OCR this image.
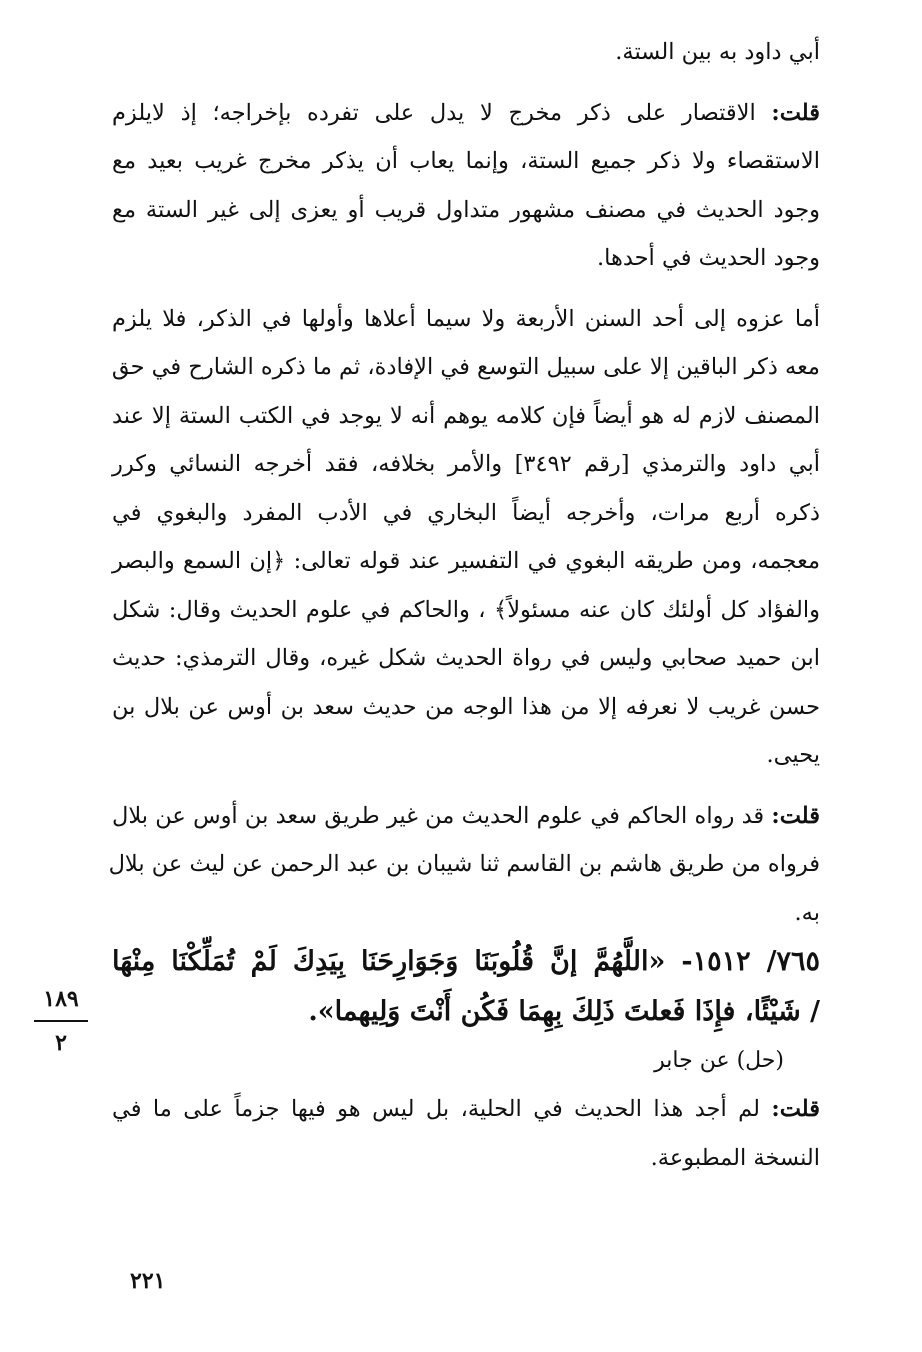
أبي داود به بين الستة.
قلت: الاقتصار على ذكر مخرج لا يدل على تفرده بإخراجه؛ إذ لايلزم
الاستقصاء ولا ذكر جميع الستة، وإنما يعاب أن يذكر مخرج غريب بعيد مع
وجود الحديث في مصنف مشهور متداول قريب أو يعزى إلى غير الستة مع
وجود الحديث في أحدها.
أما عزوه إلى أحد السنن الأربعة ولا سيما أعلاها وأولها في الذكر، فلا يلزم
معه ذكر الباقين إلا على سبيل التوسع في الإفادة، ثم ما ذكره الشارح في حق
المصنف لازم له هو أيضاً فإن كلامه يوهم أنه لا يوجد في الكتب الستة إلا عند
أبي داود والترمذي [رقم ٣٤٩٢] والأمر بخلافه، فقد أخرجه النسائي وكرر
ذكره أربع مرات، وأخرجه أيضاً البخاري في الأدب المفرد والبغوي في
معجمه، ومن طريقه البغوي في التفسير عند قوله تعالى: ﴿إن السمع والبصر
والفؤاد كل أولئك كان عنه مسئولاً﴾ ، والحاكم في علوم الحديث وقال: شكل
ابن حميد صحابي وليس في رواة الحديث شكل غيره، وقال الترمذي: حديث
حسن غريب لا نعرفه إلا من هذا الوجه من حديث سعد بن أوس عن بلال بن
يحيى.
قلت: قد رواه الحاكم في علوم الحديث من غير طريق سعد بن أوس عن بلال
فرواه من طريق هاشم بن القاسم ثنا شيبان بن عبد الرحمن عن ليث عن بلال
به.
٧٦٥/ ١٥١٢- «اللَّهُمَّ إنَّ قُلُوبَنَا وَجَوَارِحَنَا بِيَدِكَ لَمْ تُمَلِّكْنَا مِنْهَا
/ شَيْئًا، فإِذَا فَعلتَ ذَلِكَ بِهِمَا فَكُن أَنْتَ وَلِيهما».
(حل) عن جابر
قلت: لم أجد هذا الحديث في الحلية، بل ليس هو فيها جزماً على ما في
النسخة المطبوعة.
١٨٩
٢
٢٢١
